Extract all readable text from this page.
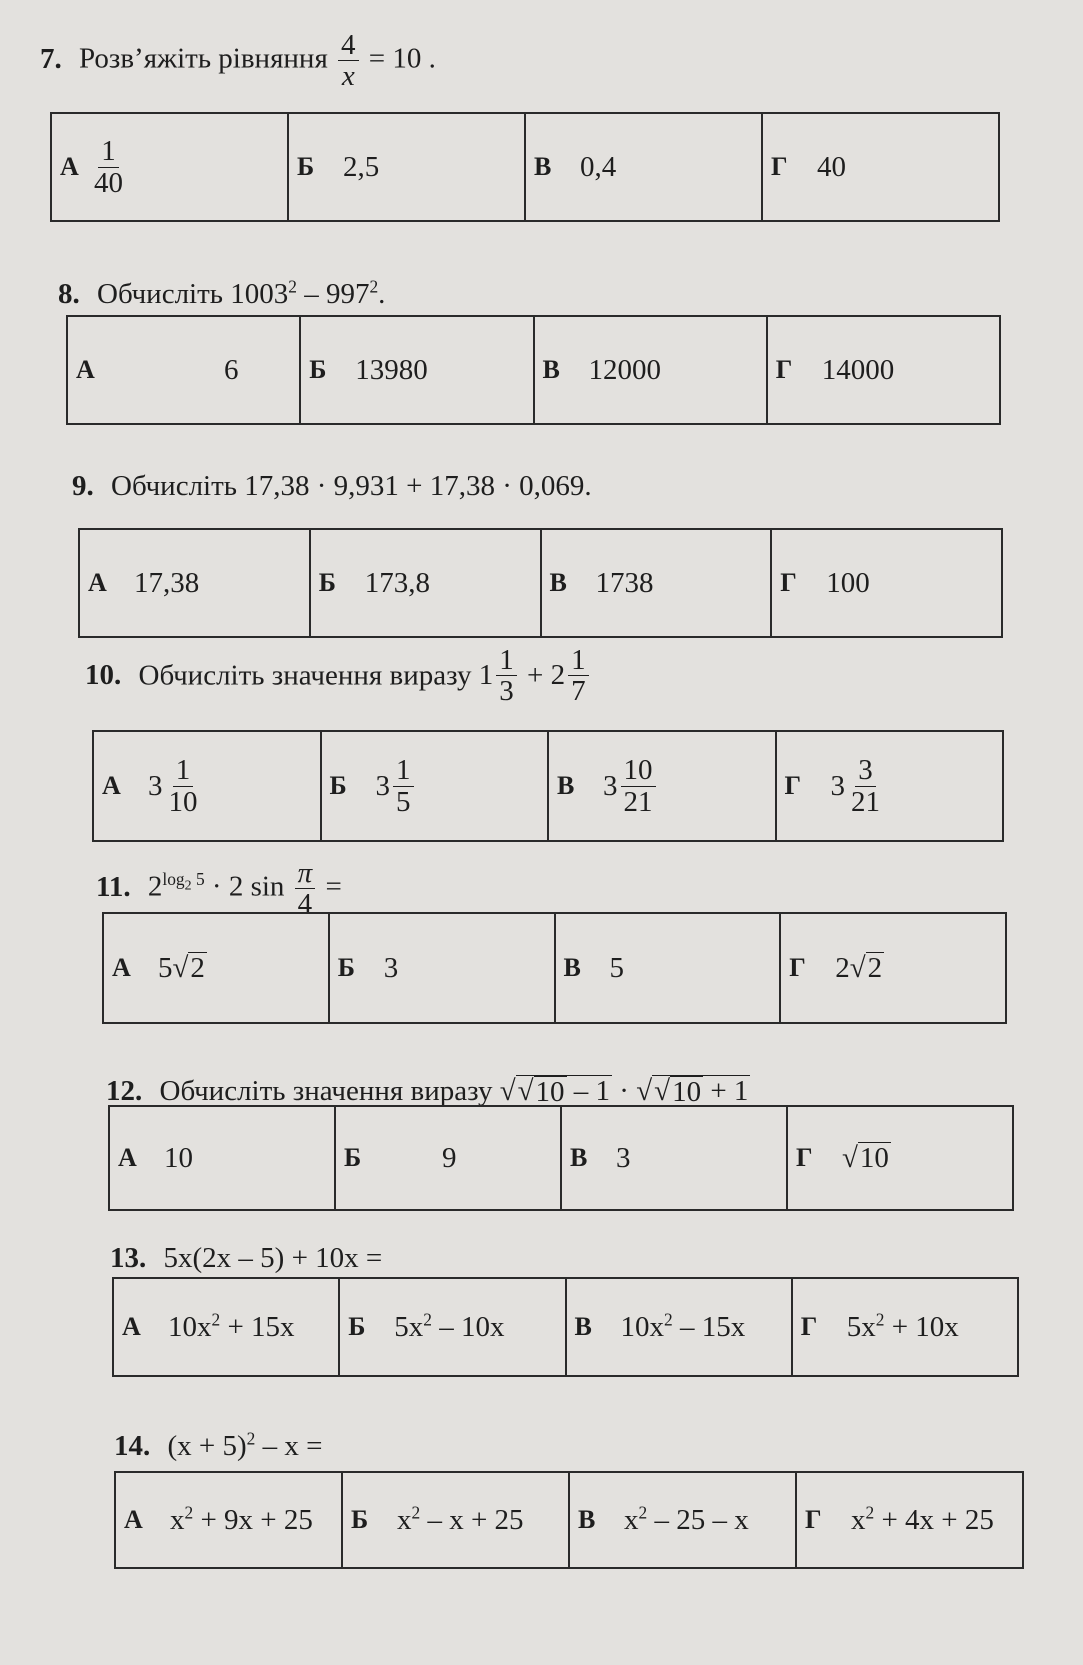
7. Розв’яжіть рівняння $\frac{4}{x} = 10$ .
А $\frac{1}{40}$	Б 2,5	В 0,4	Г	40
8. Обчисліть $1003^2 - 997^2$.
А	6	Б 13980	В 12000	Г	14000
9. Обчисліть 17,38 · 9,931 + 17,38 · 0,069.
А 17,38	Б 173,8	В 1738	Г	100
10. Обчисліть значення виразу $1 \frac{1}{3} + 2 \frac{1}{7}$
А $3 \frac{1}{10}$	Б $3 \frac{1}{5}$	В $3 \frac{10}{21}$	Г	$3 \frac{3}{21}$
11. $2^{log_2 5} \cdot 2$ $\sin \frac{\pi}{4}$ =
А 5√ 2	Б 3	В 5	Г	2√ 2
12. Обчисліть значення виразу √ √ 10 – 1 · √ √ 10 + 1
А 10	Б	9	В 3	Г	√ 10
13. 5x(2x – 5) + 10x =
А $10x^2 + 15x$ Б $5x^2 - 10x$	В $10x^2 - 15x$ Г	$5x^2 + 10x$
14. $(x + 5)^2 - x$ =
А $x^2 + 9x + 25$ Б $x^2 - x + 25$ В $x^2 - 25$ – x Г	$x^2 + 4x + 25$
